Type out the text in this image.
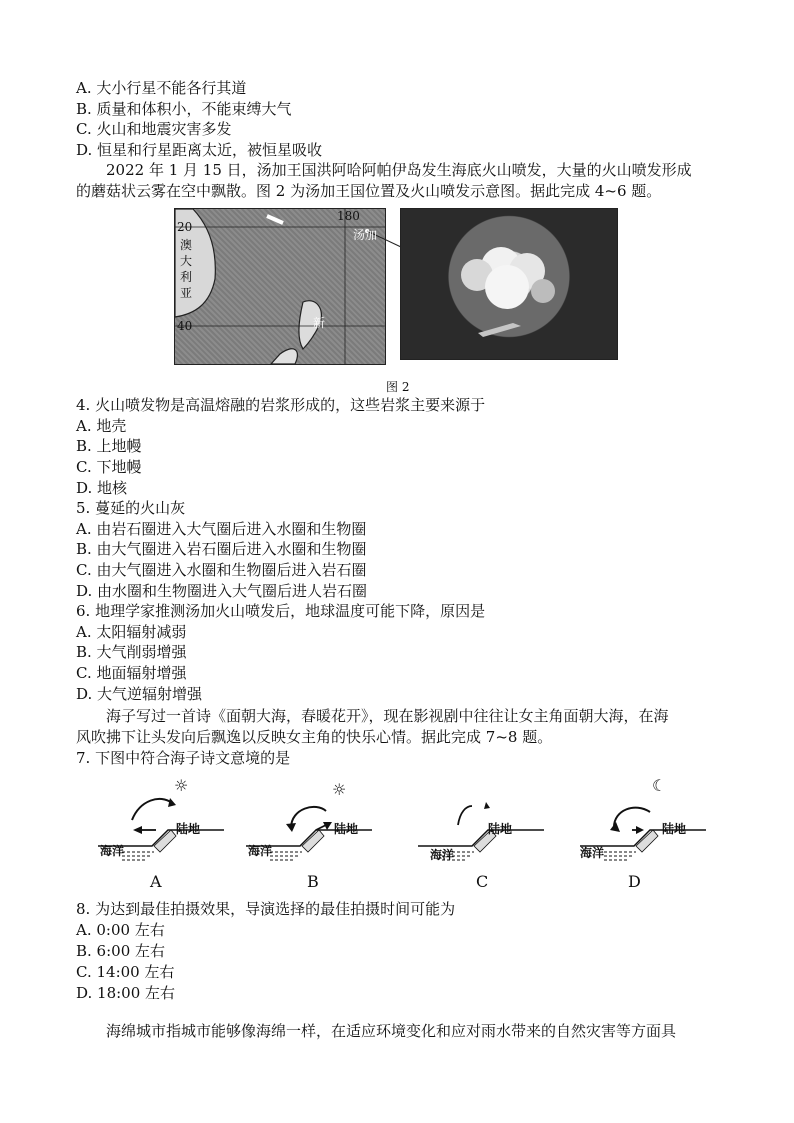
A. 大小行星不能各行其道
B. 质量和体积小，不能束缚大气
C. 火山和地震灾害多发
D. 恒星和行星距离太近，被恒星吸收
2022 年 1 月 15 日，汤加王国洪阿哈阿帕伊岛发生海底火山喷发，大量的火山喷发形成
的蘑菇状云雾在空中飘散。图 2 为汤加王国位置及火山喷发示意图。据此完成 4~6 题。
20
40
180
澳
大
利
亚
新
汤加
图 2
4. 火山喷发物是高温熔融的岩浆形成的，这些岩浆主要来源于
A. 地壳
B. 上地幔
C. 下地幔
D. 地核
5. 蔓延的火山灰
A. 由岩石圈进入大气圈后进入水圈和生物圈
B. 由大气圈进入岩石圈后进入水圈和生物圈
C. 由大气圈进入水圈和生物圈后进入岩石圈
D. 由水圈和生物圈进入大气圈后进人岩石圈
6. 地理学家推测汤加火山喷发后，地球温度可能下降，原因是
A. 太阳辐射减弱
B. 大气削弱增强
C. 地面辐射增强
D. 大气逆辐射增强
海子写过一首诗《面朝大海，春暖花开》，现在影视剧中往往让女主角面朝大海，在海
风吹拂下让头发向后飘逸以反映女主角的快乐心情。据此完成 7~8 题。
7. 下图中符合海子诗文意境的是
☼
陆地
海洋
A
☼
陆地
海洋
B
陆地
海洋
C
☾
陆地
海洋
D
8. 为达到最佳拍摄效果，导演选择的最佳拍摄时间可能为
A. 0:00 左右
B. 6:00 左右
C. 14:00 左右
D. 18:00 左右
海绵城市指城市能够像海绵一样，在适应环境变化和应对雨水带来的自然灾害等方面具
